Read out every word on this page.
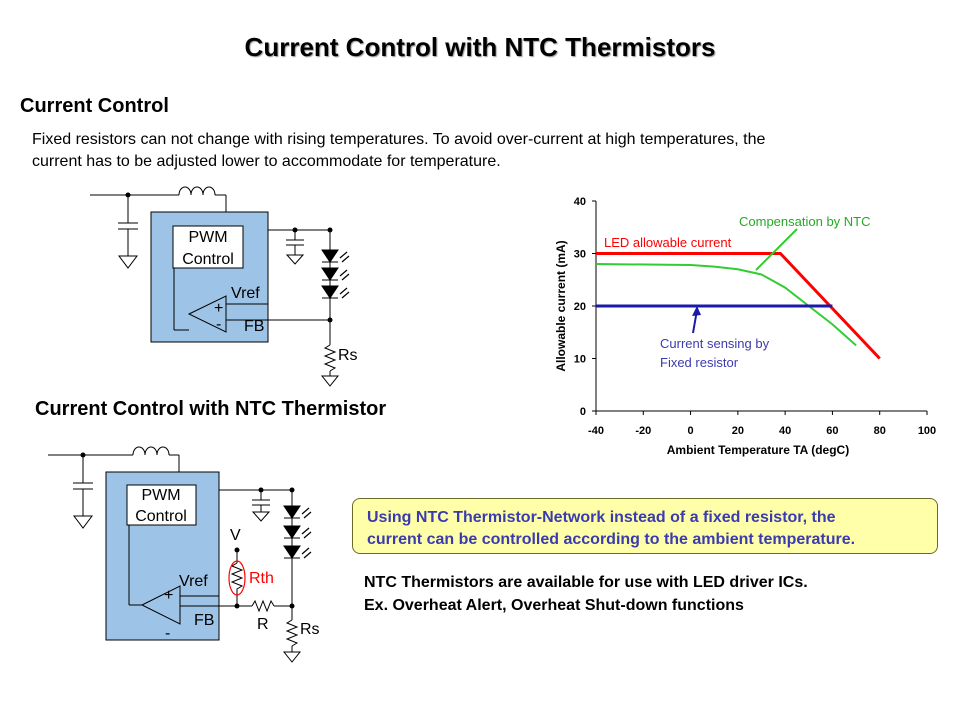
Current Control with NTC Thermistors
Current Control
Fixed resistors can not change with rising temperatures. To avoid over-current at high temperatures, the
current has to be adjusted lower to accommodate for temperature.
PWM
Control
Vref
FB
+
-
Rs
Current Control with NTC Thermistor
PWM
Control
Vref
FB
+
-
V
Rth
R Rs
-40	-20	0	20	40	60	80	100
0
10
20
30
40
Ambient Temperature TA (degC)
Allowable current (mA)	LED allowable current
Compensation by NTC
Current sensing by
Fixed resistor
Using NTC Thermistor-Network instead of a fixed resistor, the
current can be controlled according to the ambient temperature.
NTC Thermistors are available for use with LED driver ICs.
Ex. Overheat Alert, Overheat Shut-down functions
